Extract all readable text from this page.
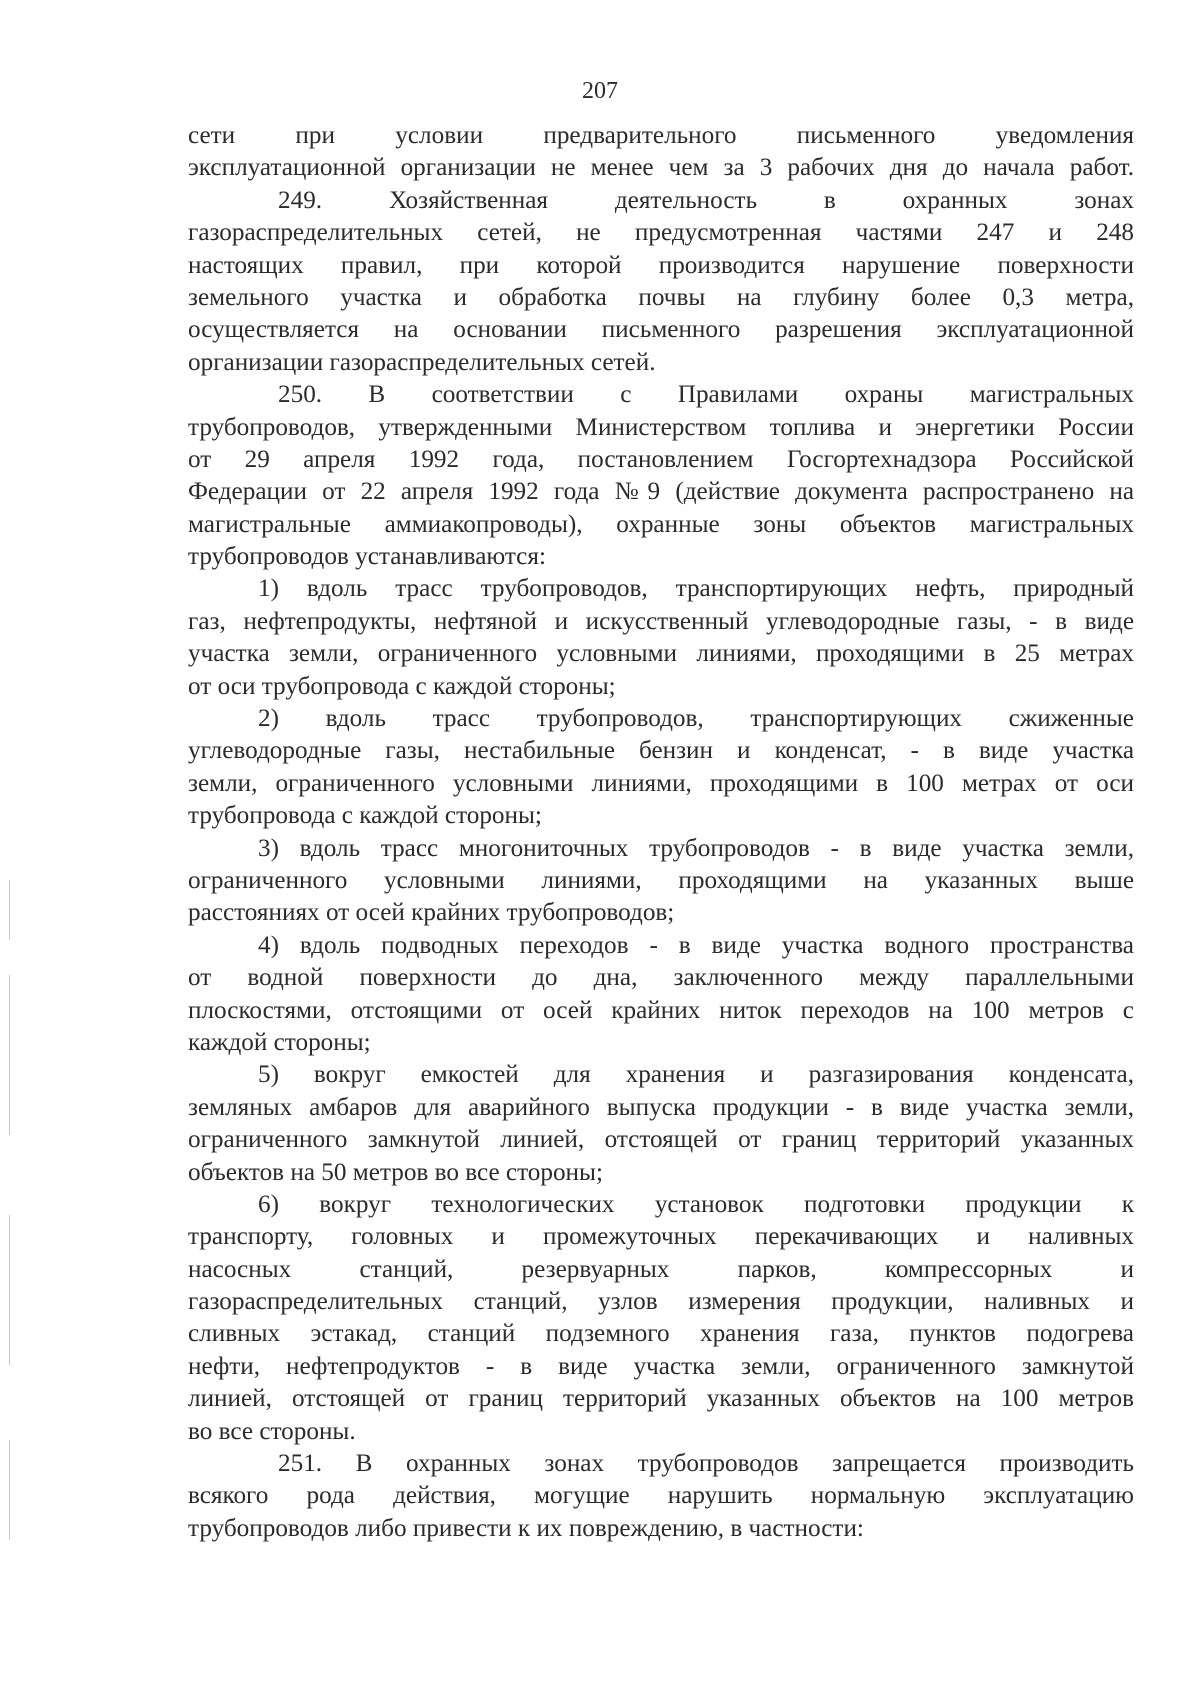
207
сети при условии предварительного письменного уведомления
эксплуатационной организации не менее чем за 3 рабочих дня до начала работ.
249. Хозяйственная деятельность в охранных зонах
газораспределительных сетей, не предусмотренная частями 247 и 248
настоящих правил, при которой производится нарушение поверхности
земельного участка и обработка почвы на глубину более 0,3 метра,
осуществляется на основании письменного разрешения эксплуатационной
организации газораспределительных сетей.
250. В соответствии с Правилами охраны магистральных
трубопроводов, утвержденными Министерством топлива и энергетики России
от 29 апреля 1992 года, постановлением Госгортехнадзора Российской
Федерации от 22 апреля 1992 года №9 (действие документа распространено на
магистральные аммиакопроводы), охранные зоны объектов магистральных
трубопроводов устанавливаются:
1) вдоль трасс трубопроводов, транспортирующих нефть, природный
газ, нефтепродукты, нефтяной и искусственный углеводородные газы, - в виде
участка земли, ограниченного условными линиями, проходящими в 25 метрах
от оси трубопровода с каждой стороны;
2) вдоль трасс трубопроводов, транспортирующих сжиженные
углеводородные газы, нестабильные бензин и конденсат, - в виде участка
земли, ограниченного условными линиями, проходящими в 100 метрах от оси
трубопровода с каждой стороны;
3) вдоль трасс многониточных трубопроводов - в виде участка земли,
ограниченного условными линиями, проходящими на указанных выше
расстояниях от осей крайних трубопроводов;
4) вдоль подводных переходов - в виде участка водного пространства
от водной поверхности до дна, заключенного между параллельными
плоскостями, отстоящими от осей крайних ниток переходов на 100 метров с
каждой стороны;
5) вокруг емкостей для хранения и разгазирования конденсата,
земляных амбаров для аварийного выпуска продукции - в виде участка земли,
ограниченного замкнутой линией, отстоящей от границ территорий указанных
объектов на 50 метров во все стороны;
6) вокруг технологических установок подготовки продукции к
транспорту, головных и промежуточных перекачивающих и наливных
насосных станций, резервуарных парков, компрессорных и
газораспределительных станций, узлов измерения продукции, наливных и
сливных эстакад, станций подземного хранения газа, пунктов подогрева
нефти, нефтепродуктов - в виде участка земли, ограниченного замкнутой
линией, отстоящей от границ территорий указанных объектов на 100 метров
во все стороны.
251. В охранных зонах трубопроводов запрещается производить
всякого рода действия, могущие нарушить нормальную эксплуатацию
трубопроводов либо привести к их повреждению, в частности:
